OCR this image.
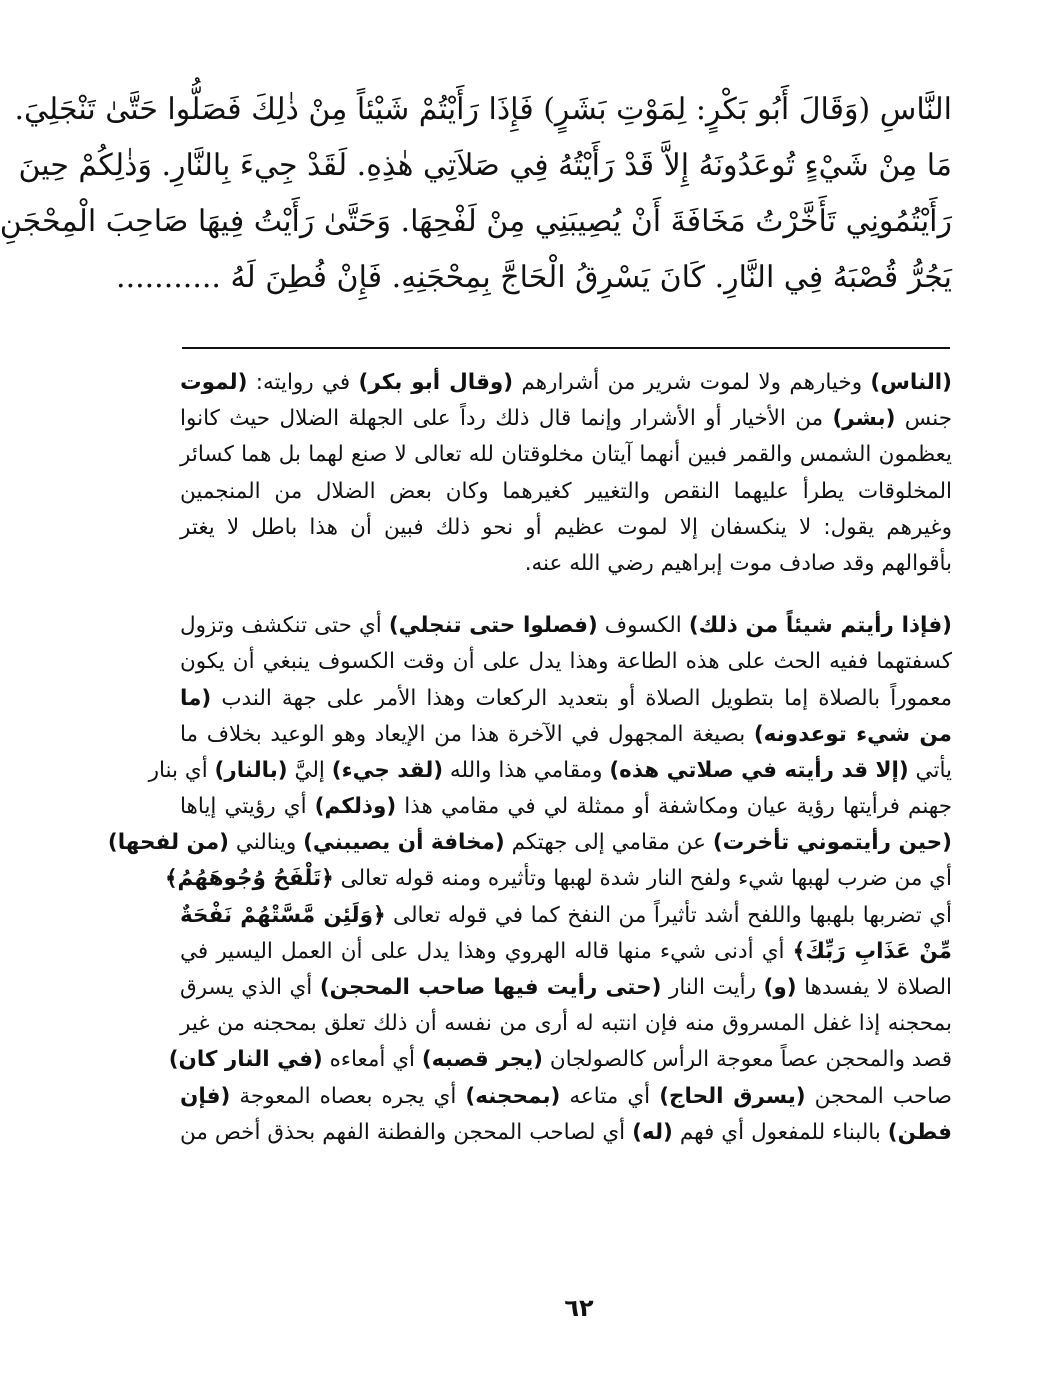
النَّاسِ (وَقَالَ أَبُو بَكْرٍ: لِمَوْتِ بَشَرٍ) فَإِذَا رَأَيْتُمْ شَيْئاً مِنْ ذٰلِكَ فَصَلُّوا حَتَّىٰ تَنْجَلِيَ.
مَا مِنْ شَيْءٍ تُوعَدُونَهُ إِلاَّ قَدْ رَأَيْتُهُ فِي صَلاَتِي هٰذِهِ. لَقَدْ جِيءَ بِالنَّارِ. وَذٰلِكُمْ حِينَ
رَأَيْتُمُونِي تَأَخَّرْتُ مَخَافَةَ أَنْ يُصِيبَنِي مِنْ لَفْحِهَا. وَحَتَّىٰ رَأَيْتُ فِيهَا صَاحِبَ الْمِحْجَنِ
يَجُرُّ قُصْبَهُ فِي النَّارِ. كَانَ يَسْرِقُ الْحَاجَّ بِمِحْجَنِهِ. فَإِنْ فُطِنَ لَهُ ...........
(الناس) وخيارهم ولا لموت شرير من أشرارهم (وقال أبو بكر) في روايته: (لموت
جنس (بشر) من الأخيار أو الأشرار وإنما قال ذلك رداً على الجهلة الضلال حيث كانوا
يعظمون الشمس والقمر فبين أنهما آيتان مخلوقتان لله تعالى لا صنع لهما بل هما كسائر
المخلوقات يطرأ عليهما النقص والتغيير كغيرهما وكان بعض الضلال من المنجمين
وغيرهم يقول: لا ينكسفان إلا لموت عظيم أو نحو ذلك فبين أن هذا باطل لا يغتر
بأقوالهم وقد صادف موت إبراهيم رضي الله عنه.
(فإذا رأيتم شيئاً من ذلك) الكسوف (فصلوا حتى تنجلي) أي حتى تنكشف وتزول
كسفتهما ففيه الحث على هذه الطاعة وهذا يدل على أن وقت الكسوف ينبغي أن يكون
معموراً بالصلاة إما بتطويل الصلاة أو بتعديد الركعات وهذا الأمر على جهة الندب (ما
من شيء توعدونه) بصيغة المجهول في الآخرة هذا من الإيعاد وهو الوعيد بخلاف ما
يأتي (إلا قد رأيته في صلاتي هذه) ومقامي هذا والله (لقد جيء) إليَّ (بالنار) أي بنار
جهنم فرأيتها رؤية عيان ومكاشفة أو ممثلة لي في مقامي هذا (وذلكم) أي رؤيتي إياها
(حين رأيتموني تأخرت) عن مقامي إلى جهتكم (مخافة أن يصيبني) وينالني (من لفحها)
أي من ضرب لهبها شيء ولفح النار شدة لهبها وتأثيره ومنه قوله تعالى ﴿تَلْفَحُ وُجُوهَهُمُ﴾
أي تضربها بلهبها واللفح أشد تأثيراً من النفخ كما في قوله تعالى ﴿وَلَئِن مَّسَّتْهُمْ نَفْحَةٌ
مِّنْ عَذَابِ رَبِّكَ﴾ أي أدنى شيء منها قاله الهروي وهذا يدل على أن العمل اليسير في
الصلاة لا يفسدها (و) رأيت النار (حتى رأيت فيها صاحب المحجن) أي الذي يسرق
بمحجنه إذا غفل المسروق منه فإن انتبه له أرى من نفسه أن ذلك تعلق بمحجنه من غير
قصد والمحجن عصاً معوجة الرأس كالصولجان (يجر قصبه) أي أمعاءه (في النار كان)
صاحب المحجن (يسرق الحاج) أي متاعه (بمحجنه) أي يجره بعصاه المعوجة (فإن
فطن) بالبناء للمفعول أي فهم (له) أي لصاحب المحجن والفطنة الفهم بحذق أخص من
٦٢
